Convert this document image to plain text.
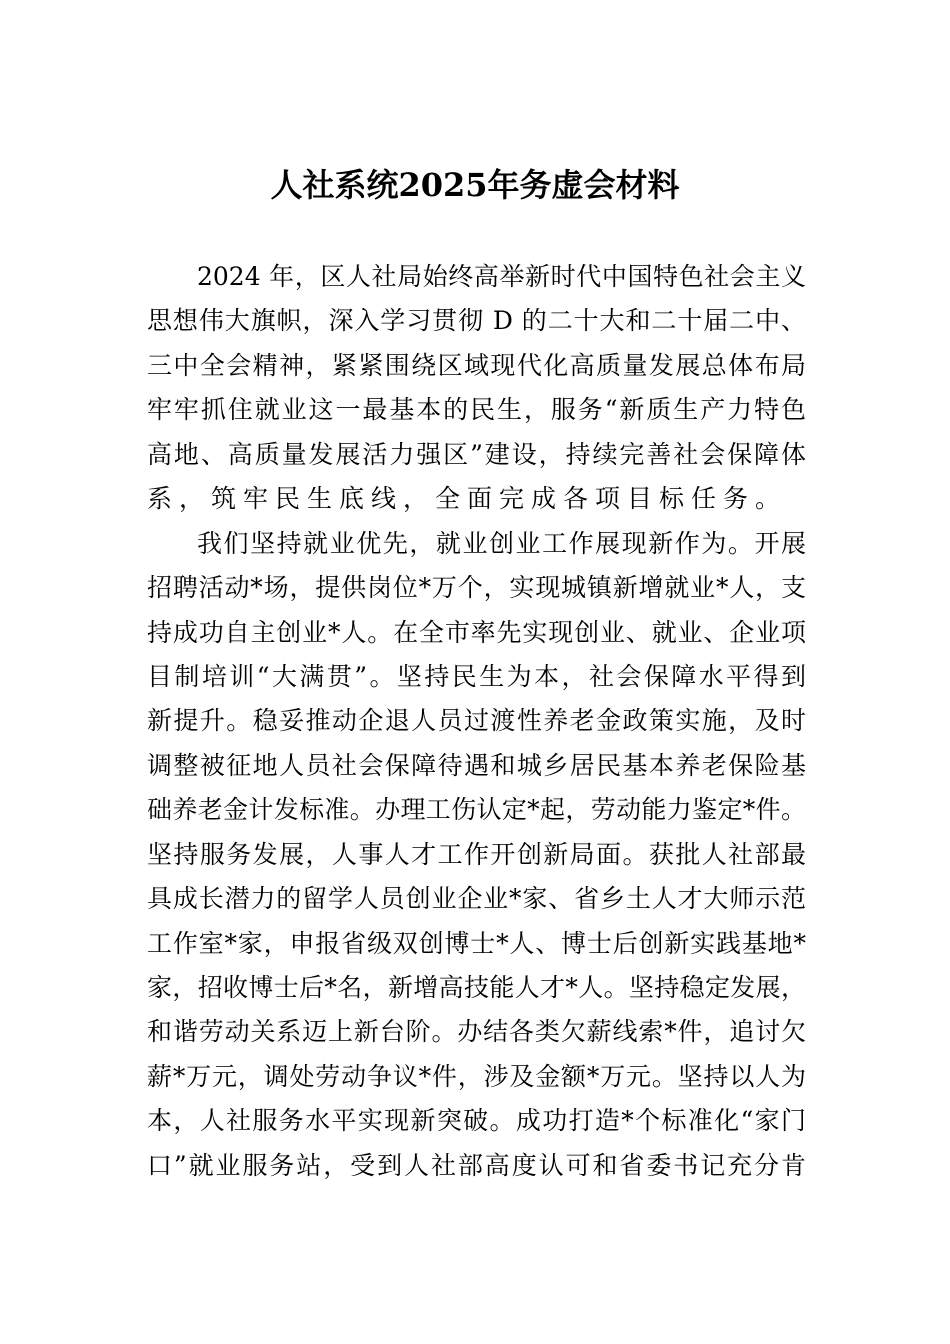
人社系统2025年务虚会材料
2024 年，区人社局始终高举新时代中国特色社会主义
思想伟大旗帜，深入学习贯彻 D 的二十大和二十届二中、
三中全会精神，紧紧围绕区域现代化高质量发展总体布局
牢牢抓住就业这一最基本的民生，服务“新质生产力特色
高地、高质量发展活力强区”建设，持续完善社会保障体
系，筑牢民生底线，全面完成各项目标任务。
我们坚持就业优先，就业创业工作展现新作为。开展
招聘活动*场，提供岗位*万个，实现城镇新增就业*人，支
持成功自主创业*人。在全市率先实现创业、就业、企业项
目制培训“大满贯”。坚持民生为本，社会保障水平得到
新提升。稳妥推动企退人员过渡性养老金政策实施，及时
调整被征地人员社会保障待遇和城乡居民基本养老保险基
础养老金计发标准。办理工伤认定*起，劳动能力鉴定*件。
坚持服务发展，人事人才工作开创新局面。获批人社部最
具成长潜力的留学人员创业企业*家、省乡土人才大师示范
工作室*家，申报省级双创博士*人、博士后创新实践基地*
家，招收博士后*名，新增高技能人才*人。坚持稳定发展，
和谐劳动关系迈上新台阶。办结各类欠薪线索*件，追讨欠
薪*万元，调处劳动争议*件，涉及金额*万元。坚持以人为
本，人社服务水平实现新突破。成功打造*个标准化“家门
口”就业服务站，受到人社部高度认可和省委书记充分肯
